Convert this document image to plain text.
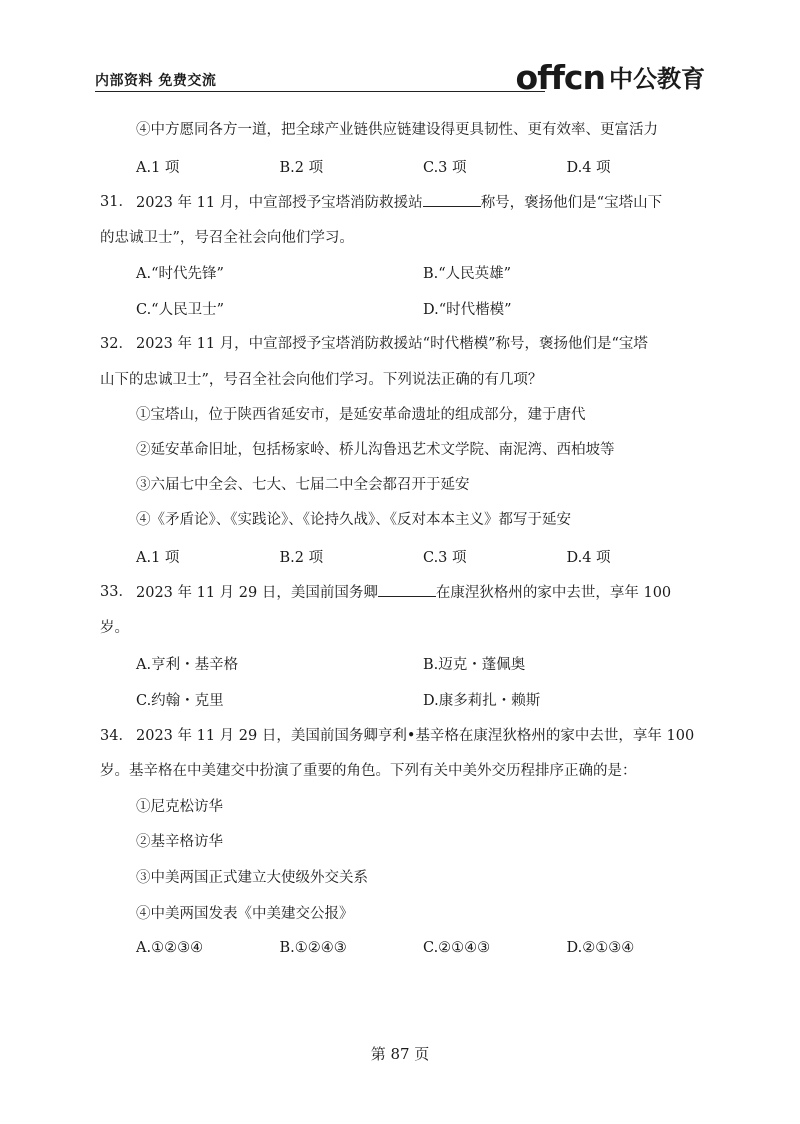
内部资料 免费交流	offcn 中公教育
④中方愿同各方一道，把全球产业链供应链建设得更具韧性、更有效率、更富活力
A.1 项	B.2 项	C.3 项	D.4 项
31． 2023 年 11 月，中宣部授予宝塔消防救援站	称号，褒扬他们是“宝塔山下
的忠诚卫士”，号召全社会向他们学习。
A.“时代先锋”	B.“人民英雄”
C.“人民卫士”	D.“时代楷模”
32． 2023 年 11 月，中宣部授予宝塔消防救援站“时代楷模”称号，褒扬他们是“宝塔
山下的忠诚卫士”，号召全社会向他们学习。下列说法正确的有几项？
①宝塔山，位于陕西省延安市，是延安革命遗址的组成部分，建于唐代
②延安革命旧址，包括杨家岭、桥儿沟鲁迅艺术文学院、南泥湾、西柏坡等
③六届七中全会、七大、七届二中全会都召开于延安
④《矛盾论》、《实践论》、《论持久战》、《反对本本主义》都写于延安
A.1 项	B.2 项	C.3 项	D.4 项
33． 2023 年 11 月 29 日，美国前国务卿	在康涅狄格州的家中去世，享年 100
岁。
A.亨利・基辛格	B.迈克・蓬佩奥
C.约翰・克里	D.康多莉扎・赖斯
34． 2023 年 11 月 29 日，美国前国务卿亨利•基辛格在康涅狄格州的家中去世，享年 100
岁。基辛格在中美建交中扮演了重要的角色。下列有关中美外交历程排序正确的是：
①尼克松访华
②基辛格访华
③中美两国正式建立大使级外交关系
④中美两国发表《中美建交公报》
A.①②③④	B.①②④③	C.②①④③	D.②①③④
第 87 页
